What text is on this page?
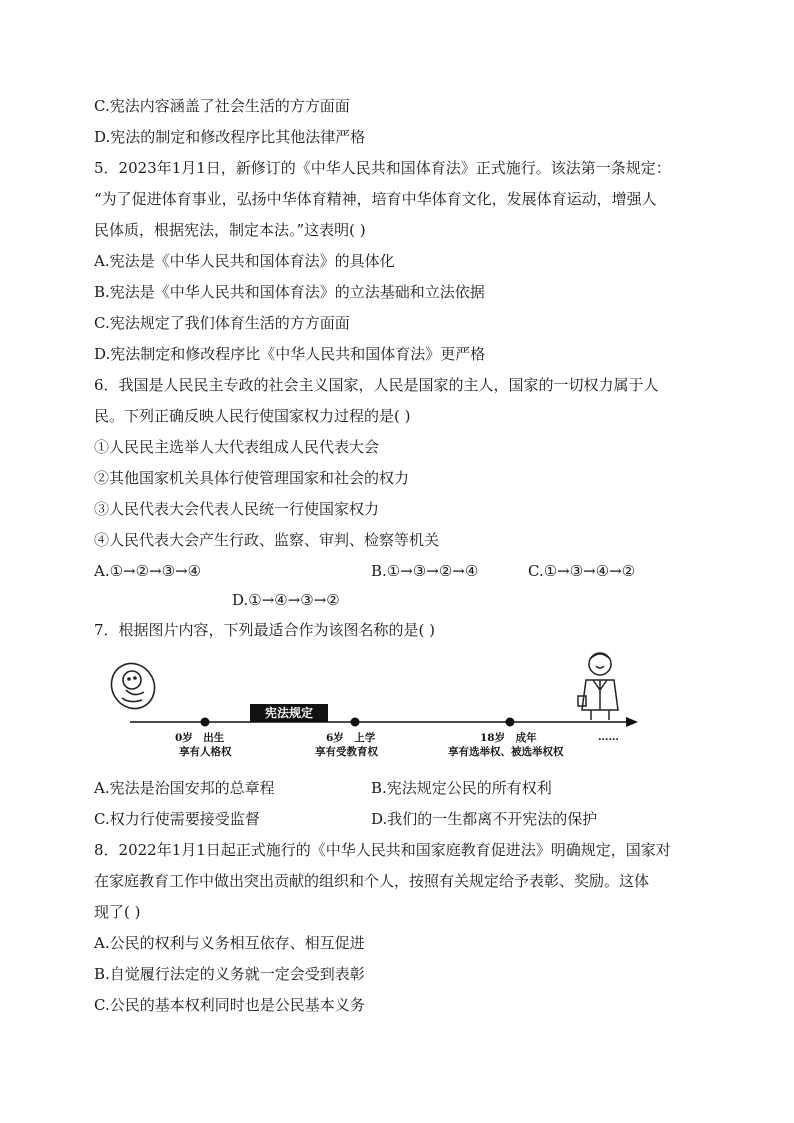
C.宪法内容涵盖了社会生活的方方面面
D.宪法的制定和修改程序比其他法律严格
5．2023年1月1日，新修订的《中华人民共和国体育法》正式施行。该法第一条规定：
“为了促进体育事业，弘扬中华体育精神，培育中华体育文化，发展体育运动，增强人
民体质，根据宪法，制定本法。”这表明( )
A.宪法是《中华人民共和国体育法》的具体化
B.宪法是《中华人民共和国体育法》的立法基础和立法依据
C.宪法规定了我们体育生活的方方面面
D.宪法制定和修改程序比《中华人民共和国体育法》更严格
6．我国是人民民主专政的社会主义国家，人民是国家的主人，国家的一切权力属于人
民。下列正确反映人民行使国家权力过程的是( )
①人民民主选举人大代表组成人民代表大会
②其他国家机关具体行使管理国家和社会的权力
③人民代表大会代表人民统一行使国家权力
④人民代表大会产生行政、监察、审判、检察等机关
A.①→②→③→④	B.①→③→②→④	C.①→③→④→②
D.①→④→③→②
7．根据图片内容，下列最适合作为该图名称的是( )
宪法规定
0岁　出生
享有人格权
6岁　上学
享有受教育权
18岁　成年
享有选举权、被选举权权
……
A.宪法是治国安邦的总章程	B.宪法规定公民的所有权利
C.权力行使需要接受监督	D.我们的一生都离不开宪法的保护
8．2022年1月1日起正式施行的《中华人民共和国家庭教育促进法》明确规定，国家对
在家庭教育工作中做出突出贡献的组织和个人，按照有关规定给予表彰、奖励。这体
现了( )
A.公民的权利与义务相互依存、相互促进
B.自觉履行法定的义务就一定会受到表彰
C.公民的基本权利同时也是公民基本义务
